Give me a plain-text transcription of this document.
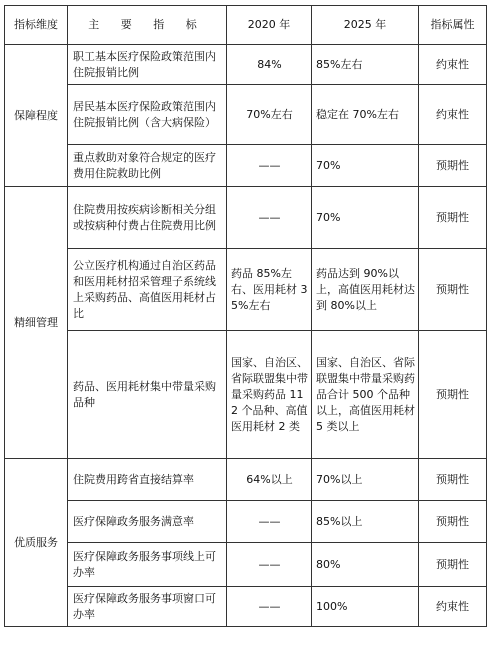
指标维度	主 要 指 标	2020 年	2025 年	指标属性
保障程度	职工基本医疗保险政策范围内住院报销比例	84%	85%左右	约束性
	居民基本医疗保险政策范围内住院报销比例（含大病保险）	70%左右	稳定在 70%左右	约束性
	重点救助对象符合规定的医疗费用住院救助比例	——	70%	预期性
精细管理	住院费用按疾病诊断相关分组或按病种付费占住院费用比例	——	70%	预期性
	公立医疗机构通过自治区药品和医用耗材招采管理子系统线上采购药品、高值医用耗材占比	药品 85%左右、医用耗材 35%左右	药品达到 90%以上，高值医用耗材达到 80%以上	预期性
	药品、医用耗材集中带量采购品种	国家、自治区、省际联盟集中带量采购药品 112 个品种、高值医用耗材 2 类	国家、自治区、省际联盟集中带量采购药品合计 500 个品种以上，高值医用耗材 5 类以上	预期性
优质服务	住院费用跨省直接结算率	64%以上	70%以上	预期性
	医疗保障政务服务满意率	——	85%以上	预期性
	医疗保障政务服务事项线上可办率	——	80%	预期性
	医疗保障政务服务事项窗口可办率	——	100%	约束性
